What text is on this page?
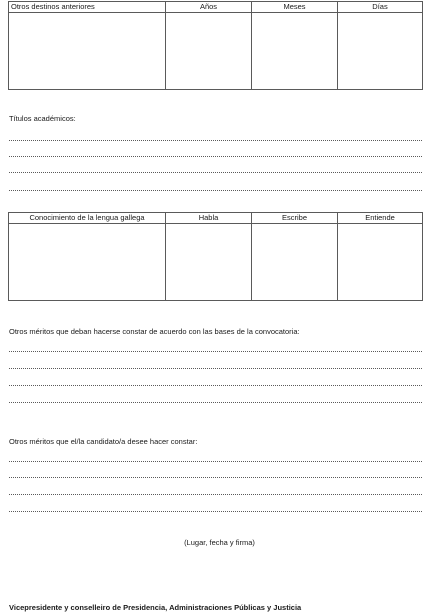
Otros destinos anteriores	Años	Meses	Días

Títulos académicos:
Conocimiento de la lengua gallega	Habla	Escribe	Entiende

Otros méritos que deban hacerse constar de acuerdo con las bases de la convocatoria:
Otros méritos que el/la candidato/a desee hacer constar:
(Lugar, fecha y firma)
Vicepresidente y conselleiro de Presidencia, Administraciones Públicas y Justicia
